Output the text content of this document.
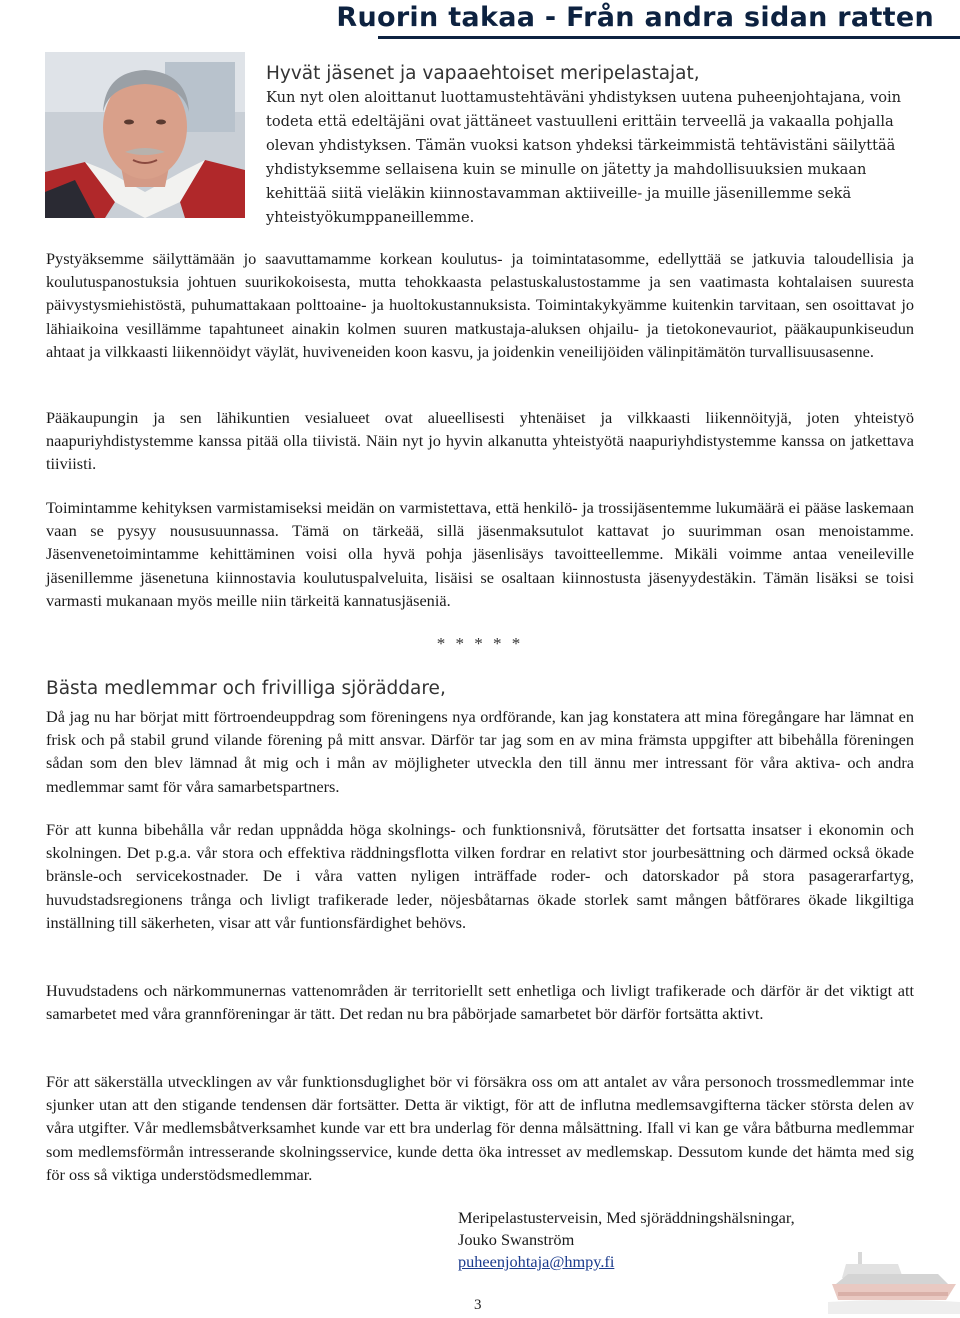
Ruorin takaa - Från andra sidan ratten
Hyvät jäsenet ja vapaaehtoiset meripelastajat,
Kun nyt olen aloittanut luottamustehtäväni yhdistyksen uutena puheenjohtajana, voin todeta että edeltäjäni ovat jättäneet vastuulleni erittäin terveellä ja vakaalla pohjalla olevan yhdistyksen. Tämän vuoksi katson yhdeksi tärkeimmistä tehtävistäni säilyttää yhdistyksemme sellaisena kuin se minulle on jätetty ja mahdollisuuksien mukaan kehittää siitä vieläkin kiinnostavamman aktiiveille- ja muille jäsenillemme sekä yhteistyökumppaneillemme.
Pystyäksemme säilyttämään jo saavuttamamme korkean koulutus- ja toimintatasomme, edellyttää se jatkuvia taloudellisia ja koulutuspanostuksia johtuen suurikokoisesta, mutta tehokkaasta pelastuskalustostamme ja sen vaatimasta kohtalaisen suuresta päivystysmiehistöstä, puhumattakaan polttoaine- ja huoltokustannuksista. Toimintakykyämme kuitenkin tarvitaan, sen osoittavat jo lähiaikoina vesillämme tapahtuneet ainakin kolmen suuren matkustaja-aluksen ohjailu- ja tietokonevauriot, pääkaupunkiseudun ahtaat ja vilkkaasti liikennöidyt väylät, huviveneiden koon kasvu, ja joidenkin veneilijöiden välinpitämätön turvallisuusasenne.
Pääkaupungin ja sen lähikuntien vesialueet ovat alueellisesti yhtenäiset ja vilkkaasti liikennöityjä, joten yhteistyö naapuriyhdistystemme kanssa pitää olla tiivistä. Näin nyt jo hyvin alkanutta yhteistyötä naapuriyhdistystemme kanssa on jatkettava tiiviisti.
Toimintamme kehityksen varmistamiseksi meidän on varmistettava, että henkilö- ja trossijäsentemme lukumäärä ei pääse laskemaan vaan se pysyy noususuunnassa. Tämä on tärkeää, sillä jäsenmaksutulot kattavat jo suurimman osan menoistamme. Jäsenvenetoimintamme kehittäminen voisi olla hyvä pohja jäsenlisäys tavoitteellemme. Mikäli voimme antaa veneileville jäsenillemme jäsenetuna kiinnostavia koulutuspalveluita, lisäisi se osaltaan kiinnostusta jäsenyydestäkin. Tämän lisäksi se toisi varmasti mukanaan myös meille niin tärkeitä kannatusjäseniä.
* * * * *
Bästa medlemmar och frivilliga sjöräddare,
Då jag nu har börjat mitt förtroendeuppdrag som föreningens nya ordförande, kan jag konstatera att mina föregångare har lämnat en frisk och på stabil grund vilande förening på mitt ansvar. Därför tar jag som en av mina främsta uppgifter att bibehålla föreningen sådan som den blev lämnad åt mig och i mån av möjligheter utveckla den till ännu mer intressant för våra aktiva- och andra medlemmar samt för våra samarbetspartners.
För att kunna bibehålla vår redan uppnådda höga skolnings- och funktionsnivå, förutsätter det fortsatta insatser i ekonomin och skolningen. Det p.g.a. vår stora och effektiva räddningsflotta vilken fordrar en relativt stor jourbesättning och därmed också ökade bränsle-och servicekostnader. De i våra vatten nyligen inträffade roder- och datorskador på stora pasagerarfartyg, huvudstadsregionens trånga och livligt trafikerade leder, nöjesbåtarnas ökade storlek samt mången båtförares ökade likgiltiga inställning till säkerheten, visar att vår funtionsfärdighet behövs.
Huvudstadens och närkommunernas vattenområden är territoriellt sett enhetliga och livligt trafikerade och därför är det viktigt att samarbetet med våra grannföreningar är tätt. Det redan nu bra påbörjade samarbetet bör därför fortsätta aktivt.
För att säkerställa utvecklingen av vår funktionsduglighet bör vi försäkra oss om att antalet av våra personoch trossmedlemmar inte sjunker utan att den stigande tendensen där fortsätter. Detta är viktigt, för att de influtna medlemsavgifterna täcker största delen av våra utgifter. Vår medlemsbåtverksamhet kunde var ett bra underlag för denna målsättning. Ifall vi kan ge våra båtburna medlemmar som medlemsförmån intresserande skolningsservice, kunde detta öka intresset av medlemskap. Dessutom kunde det hämta med sig för oss så viktiga understödsmedlemmar.
Meripelastusterveisin, Med sjöräddningshälsningar,
Jouko Swanström
puheenjohtaja@hmpy.fi
3
